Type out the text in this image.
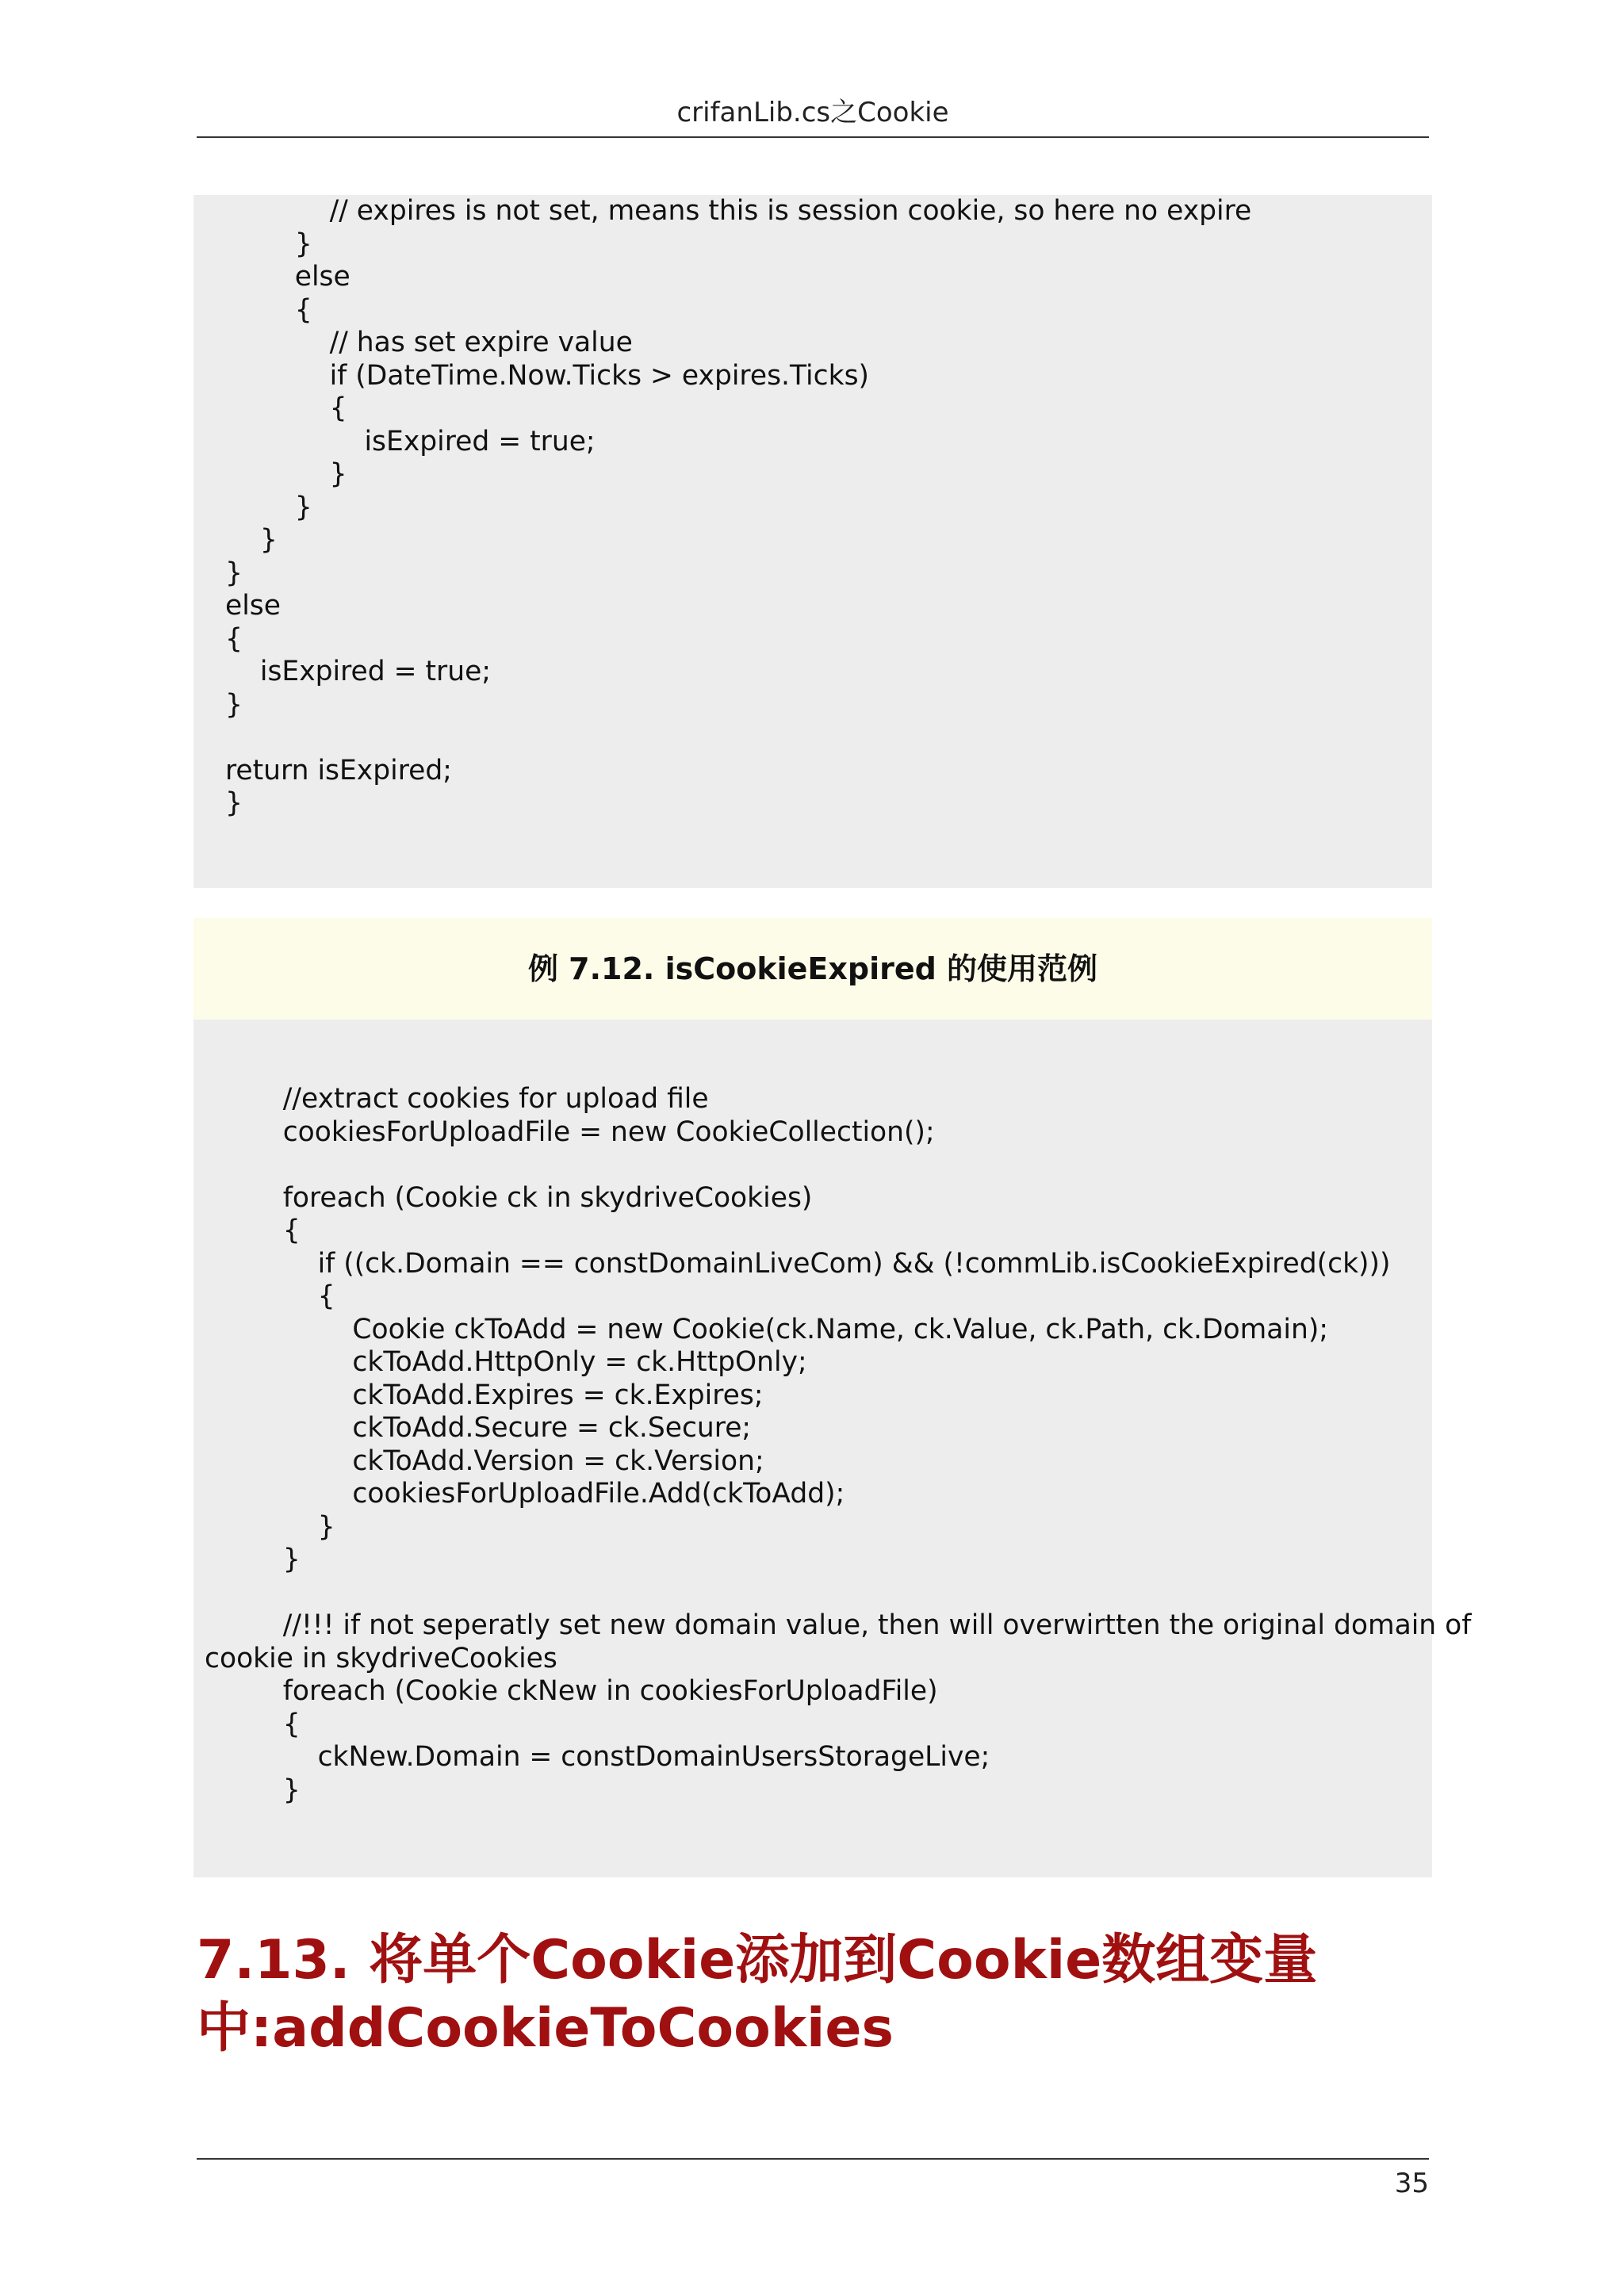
crifanLib.cs之Cookie
// expires is not set, means this is session cookie, so here no expire
}
else
{
// has set expire value
if (DateTime.Now.Ticks > expires.Ticks)
{
isExpired = true;
}
}
}
}
else
{
isExpired = true;
}

return isExpired;
}
例 7.12. isCookieExpired 的使用范例
//extract cookies for upload file
cookiesForUploadFile = new CookieCollection();

foreach (Cookie ck in skydriveCookies)
{
if ((ck.Domain == constDomainLiveCom) && (!commLib.isCookieExpired(ck)))
{
Cookie ckToAdd = new Cookie(ck.Name, ck.Value, ck.Path, ck.Domain);
ckToAdd.HttpOnly = ck.HttpOnly;
ckToAdd.Expires = ck.Expires;
ckToAdd.Secure = ck.Secure;
ckToAdd.Version = ck.Version;
cookiesForUploadFile.Add(ckToAdd);
}
}

//!!! if not seperatly set new domain value, then will overwirtten the original domain of
cookie in skydriveCookies
foreach (Cookie ckNew in cookiesForUploadFile)
{
ckNew.Domain = constDomainUsersStorageLive;
}
7.13. 将单个Cookie添加到Cookie数组变量
中:addCookieToCookies
35
